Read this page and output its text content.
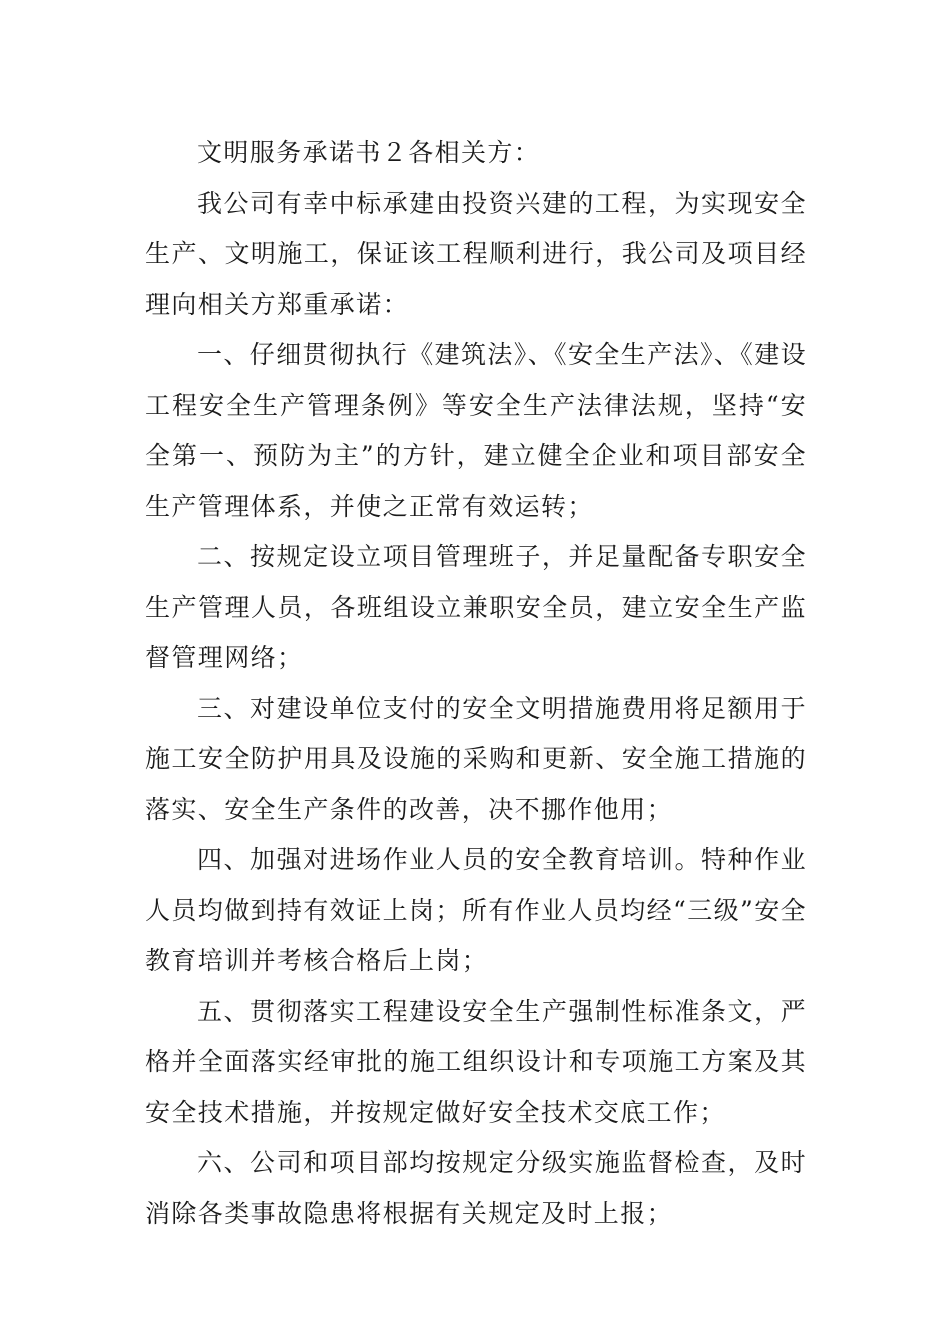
文明服务承诺书２各相关方：

我公司有幸中标承建由投资兴建的工程，为实现安全生产、文明施工，保证该工程顺利进行，我公司及项目经理向相关方郑重承诺：

一、仔细贯彻执行《建筑法》、《安全生产法》、《建设工程安全生产管理条例》等安全生产法律法规，坚持“安全第一、预防为主”的方针，建立健全企业和项目部安全生产管理体系，并使之正常有效运转；

二、按规定设立项目管理班子，并足量配备专职安全生产管理人员，各班组设立兼职安全员，建立安全生产监督管理网络；

三、对建设单位支付的安全文明措施费用将足额用于施工安全防护用具及设施的采购和更新、安全施工措施的落实、安全生产条件的改善，决不挪作他用；

四、加强对进场作业人员的安全教育培训。特种作业人员均做到持有效证上岗；所有作业人员均经“三级”安全教育培训并考核合格后上岗；

五、贯彻落实工程建设安全生产强制性标准条文，严格并全面落实经审批的施工组织设计和专项施工方案及其安全技术措施，并按规定做好安全技术交底工作；

六、公司和项目部均按规定分级实施监督检查，及时消除各类事故隐患将根据有关规定及时上报；
